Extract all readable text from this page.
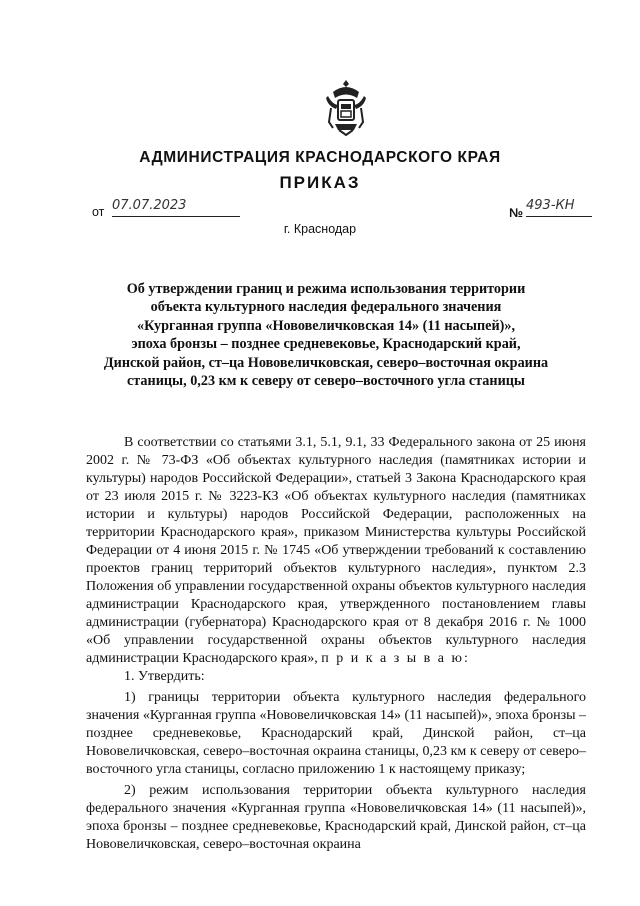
АДМИНИСТРАЦИЯ КРАСНОДАРСКОГО КРАЯ
ПРИКАЗ
от 07.07.2023
г. Краснодар
№ 493-КН
Об утверждении границ и режима использования территории
объекта культурного наследия федерального значения
«Курганная группа «Нововеличковская 14» (11 насыпей)»,
эпоха бронзы – позднее средневековье, Краснодарский край,
Динской район, ст–ца Нововеличковская, северо–восточная окраина
станицы, 0,23 км к северу от северо–восточного угла станицы

В соответствии со статьями 3.1, 5.1, 9.1, 33 Федерального закона от 25 июня 2002 г. № 73-ФЗ «Об объектах культурного наследия (памятниках истории и культуры) народов Российской Федерации», статьей 3 Закона Краснодарского края от 23 июля 2015 г. № 3223-КЗ «Об объектах культурного наследия (памятниках истории и культуры) народов Российской Федерации, расположенных на территории Краснодарского края», приказом Министерства культуры Российской Федерации от 4 июня 2015 г. № 1745 «Об утверждении требований к составлению проектов границ территорий объектов культурного наследия», пунктом 2.3 Положения об управлении государственной охраны объектов культурного наследия администрации Краснодарского края, утвержденного постановлением главы администрации (губернатора) Краснодарского края от 8 декабря 2016 г. № 1000 «Об управлении государственной охраны объектов культурного наследия администрации Краснодарского края», п р и к а з ы в а ю:

1. Утвердить:

1) границы территории объекта культурного наследия федерального значения «Курганная группа «Нововеличковская 14» (11 насыпей)», эпоха бронзы – позднее средневековье, Краснодарский край, Динской район, ст–ца Нововеличковская, северо–восточная окраина станицы, 0,23 км к северу от северо–восточного угла станицы, согласно приложению 1 к настоящему приказу;

2) режим использования территории объекта культурного наследия федерального значения «Курганная группа «Нововеличковская 14» (11 насыпей)», эпоха бронзы – позднее средневековье, Краснодарский край, Динской район, ст–ца Нововеличковская, северо–восточная окраина
